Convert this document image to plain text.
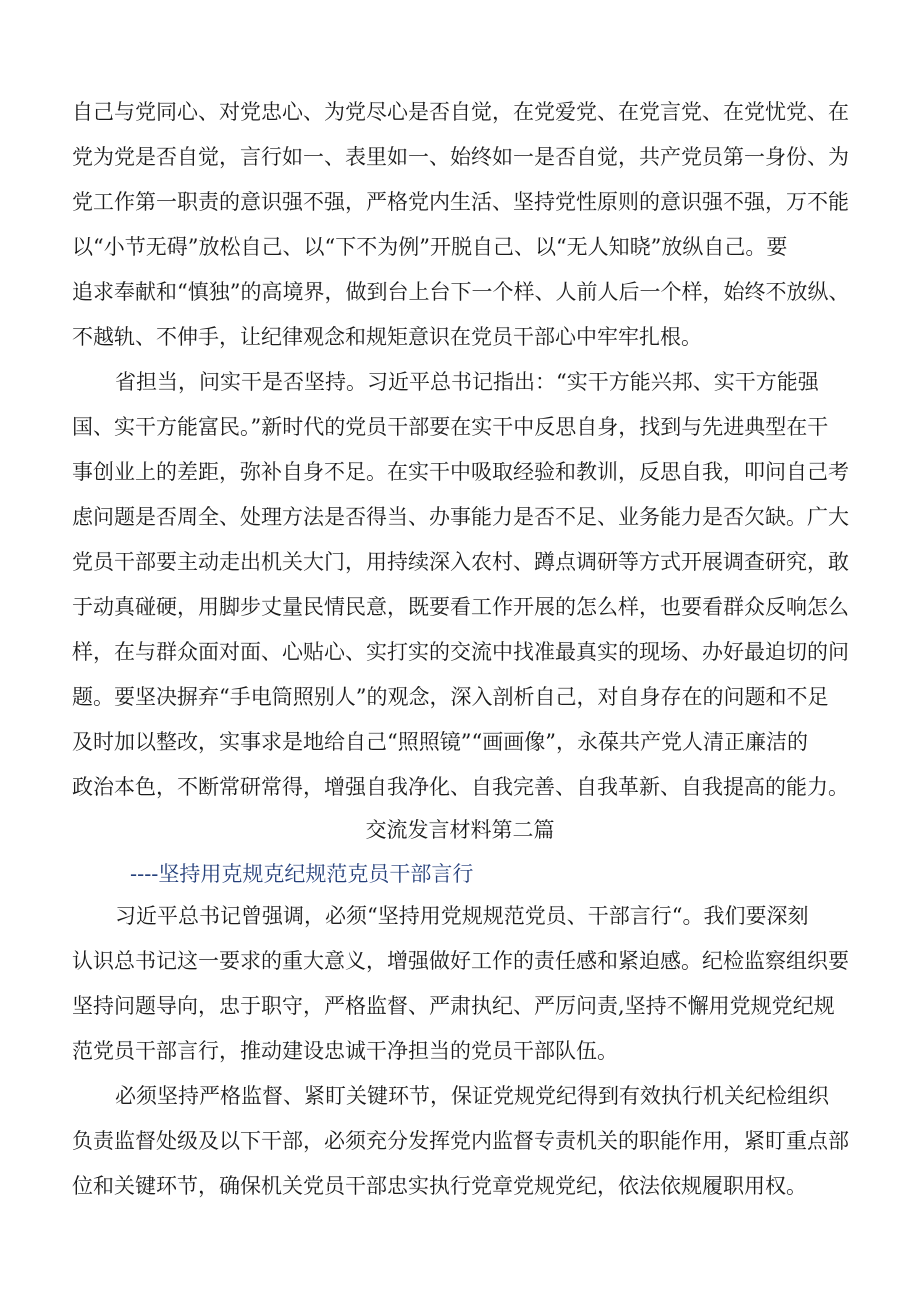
自己与党同心、对党忠心、为党尽心是否自觉，在党爱党、在党言党、在党忧党、在
党为党是否自觉，言行如一、表里如一、始终如一是否自觉，共产党员第一身份、为
党工作第一职责的意识强不强，严格党内生活、坚持党性原则的意识强不强，万不能
以“小节无碍”放松自己、以“下不为例”开脱自己、以“无人知晓”放纵自己。要
追求奉献和“慎独”的高境界，做到台上台下一个样、人前人后一个样，始终不放纵、
不越轨、不伸手，让纪律观念和规矩意识在党员干部心中牢牢扎根。
省担当，问实干是否坚持。习近平总书记指出：“实干方能兴邦、实干方能强
国、实干方能富民。”新时代的党员干部要在实干中反思自身，找到与先进典型在干
事创业上的差距，弥补自身不足。在实干中吸取经验和教训，反思自我，叩问自己考
虑问题是否周全、处理方法是否得当、办事能力是否不足、业务能力是否欠缺。广大
党员干部要主动走出机关大门，用持续深入农村、蹲点调研等方式开展调查研究，敢
于动真碰硬，用脚步丈量民情民意，既要看工作开展的怎么样，也要看群众反响怎么
样，在与群众面对面、心贴心、实打实的交流中找准最真实的现场、办好最迫切的问
题。要坚决摒弃“手电筒照别人”的观念，深入剖析自己，对自身存在的问题和不足
及时加以整改，实事求是地给自己“照照镜”“画画像”，永葆共产党人清正廉洁的
政治本色，不断常研常得，增强自我净化、自我完善、自我革新、自我提高的能力。
交流发言材料第二篇
----坚持用克规克纪规范克员干部言行
习近平总书记曾强调，必须“坚持用党规规范党员、干部言行“。我们要深刻
认识总书记这一要求的重大意义，增强做好工作的责任感和紧迫感。纪检监察组织要
坚持问题导向，忠于职守，严格监督、严肃执纪、严厉问责,坚持不懈用党规党纪规
范党员干部言行，推动建设忠诚干净担当的党员干部队伍。
必须坚持严格监督、紧盯关键环节，保证党规党纪得到有效执行机关纪检组织
负责监督处级及以下干部，必须充分发挥党内监督专责机关的职能作用，紧盯重点部
位和关键环节，确保机关党员干部忠实执行党章党规党纪，依法依规履职用权。
